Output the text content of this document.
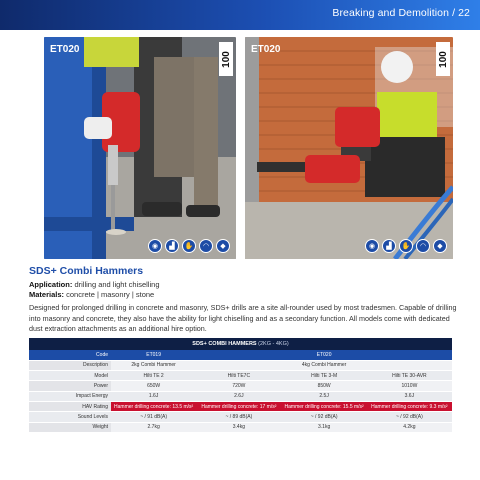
Breaking and Demolition / 22
ET020
100
◉	▟	✋	◠	◆
ET020
100
◉	▟	✋	◠	◆
SDS+ Combi Hammers
Application: drilling and light chiselling
Materials: concrete | masonry | stone

Designed for prolonged drilling in concrete and masonry, SDS+ drills are a site all-rounder used by most tradesmen. Capable of drilling into masonry and concrete, they also have the ability for light chiselling and as a secondary function. All models come with dedicated dust extraction attachments as an additional hire option.

SDS+ COMBI HAMMERS (2KG - 4KG)
Code	ET019	ET020		
Description	2kg Combi Hammer	4kg Combi Hammer		
Model	Hilti TE 2	Hilti TE7C	Hilti TE 3-M	Hilti TE 30-AVR
Power	650W	720W	850W	1010W
Impact Energy	1.6J	2.6J	2.5J	3.6J
HAV Rating	Hammer drilling concrete: 13.5 m/s²	Hammer drilling concrete: 17 m/s²	Hammer drilling concrete: 15.5 m/s²	Hammer drilling concrete: 9.3 m/s²
Sound Levels	~ / 91 dB(A)	~ / 89 dB(A)	~ / 92 dB(A)	~ / 92 dB(A)
Weight	2.7kg	3.4kg	3.1kg	4.2kg
